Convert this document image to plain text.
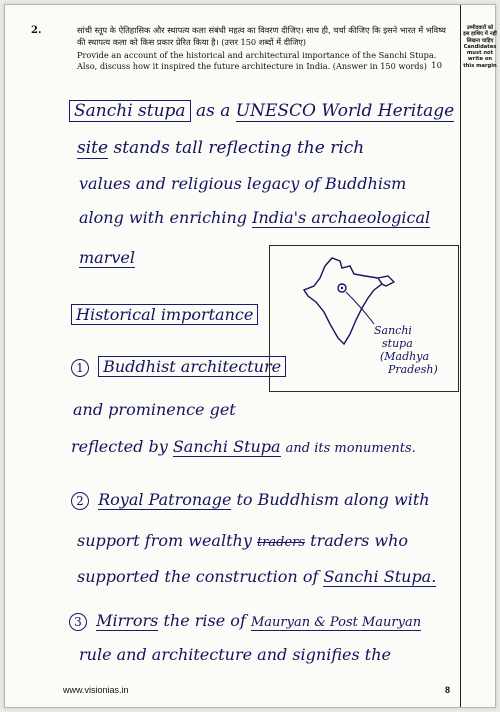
2.	सांची स्तूप के ऐतिहासिक और स्थापत्य कला संबंधी महत्व का विवरण दीजिए। साथ ही, चर्चा कीजिए कि इसने भारत में भविष्य की स्थापत्य कला को किस प्रकार प्रेरित किया है। (उत्तर 150 शब्दों में दीजिए)
Provide an account of the historical and architectural importance of the Sanchi Stupa. Also, discuss how it inspired the future architecture in India. (Answer in 150 words) 10
उम्मीदवारों को इस हाशिए में नहीं लिखना चाहिए
Candidates must not write on this margin
Sanchi stupa as a UNESCO World Heritage
site stands tall reflecting the rich
values and religious legacy of Buddhism
along with enriching India's archaeological
marvel
Historical importance
Sanchi
stupa
(Madhya
Pradesh)
1 Buddhist architecture
and prominence get
reflected by Sanchi Stupa and its monuments.
2 Royal Patronage to Buddhism along with
support from wealthy traders traders who
supported the construction of Sanchi Stupa.
3 Mirrors the rise of Mauryan & Post Mauryan
rule and architecture and signifies the
www.visionias.in	8
